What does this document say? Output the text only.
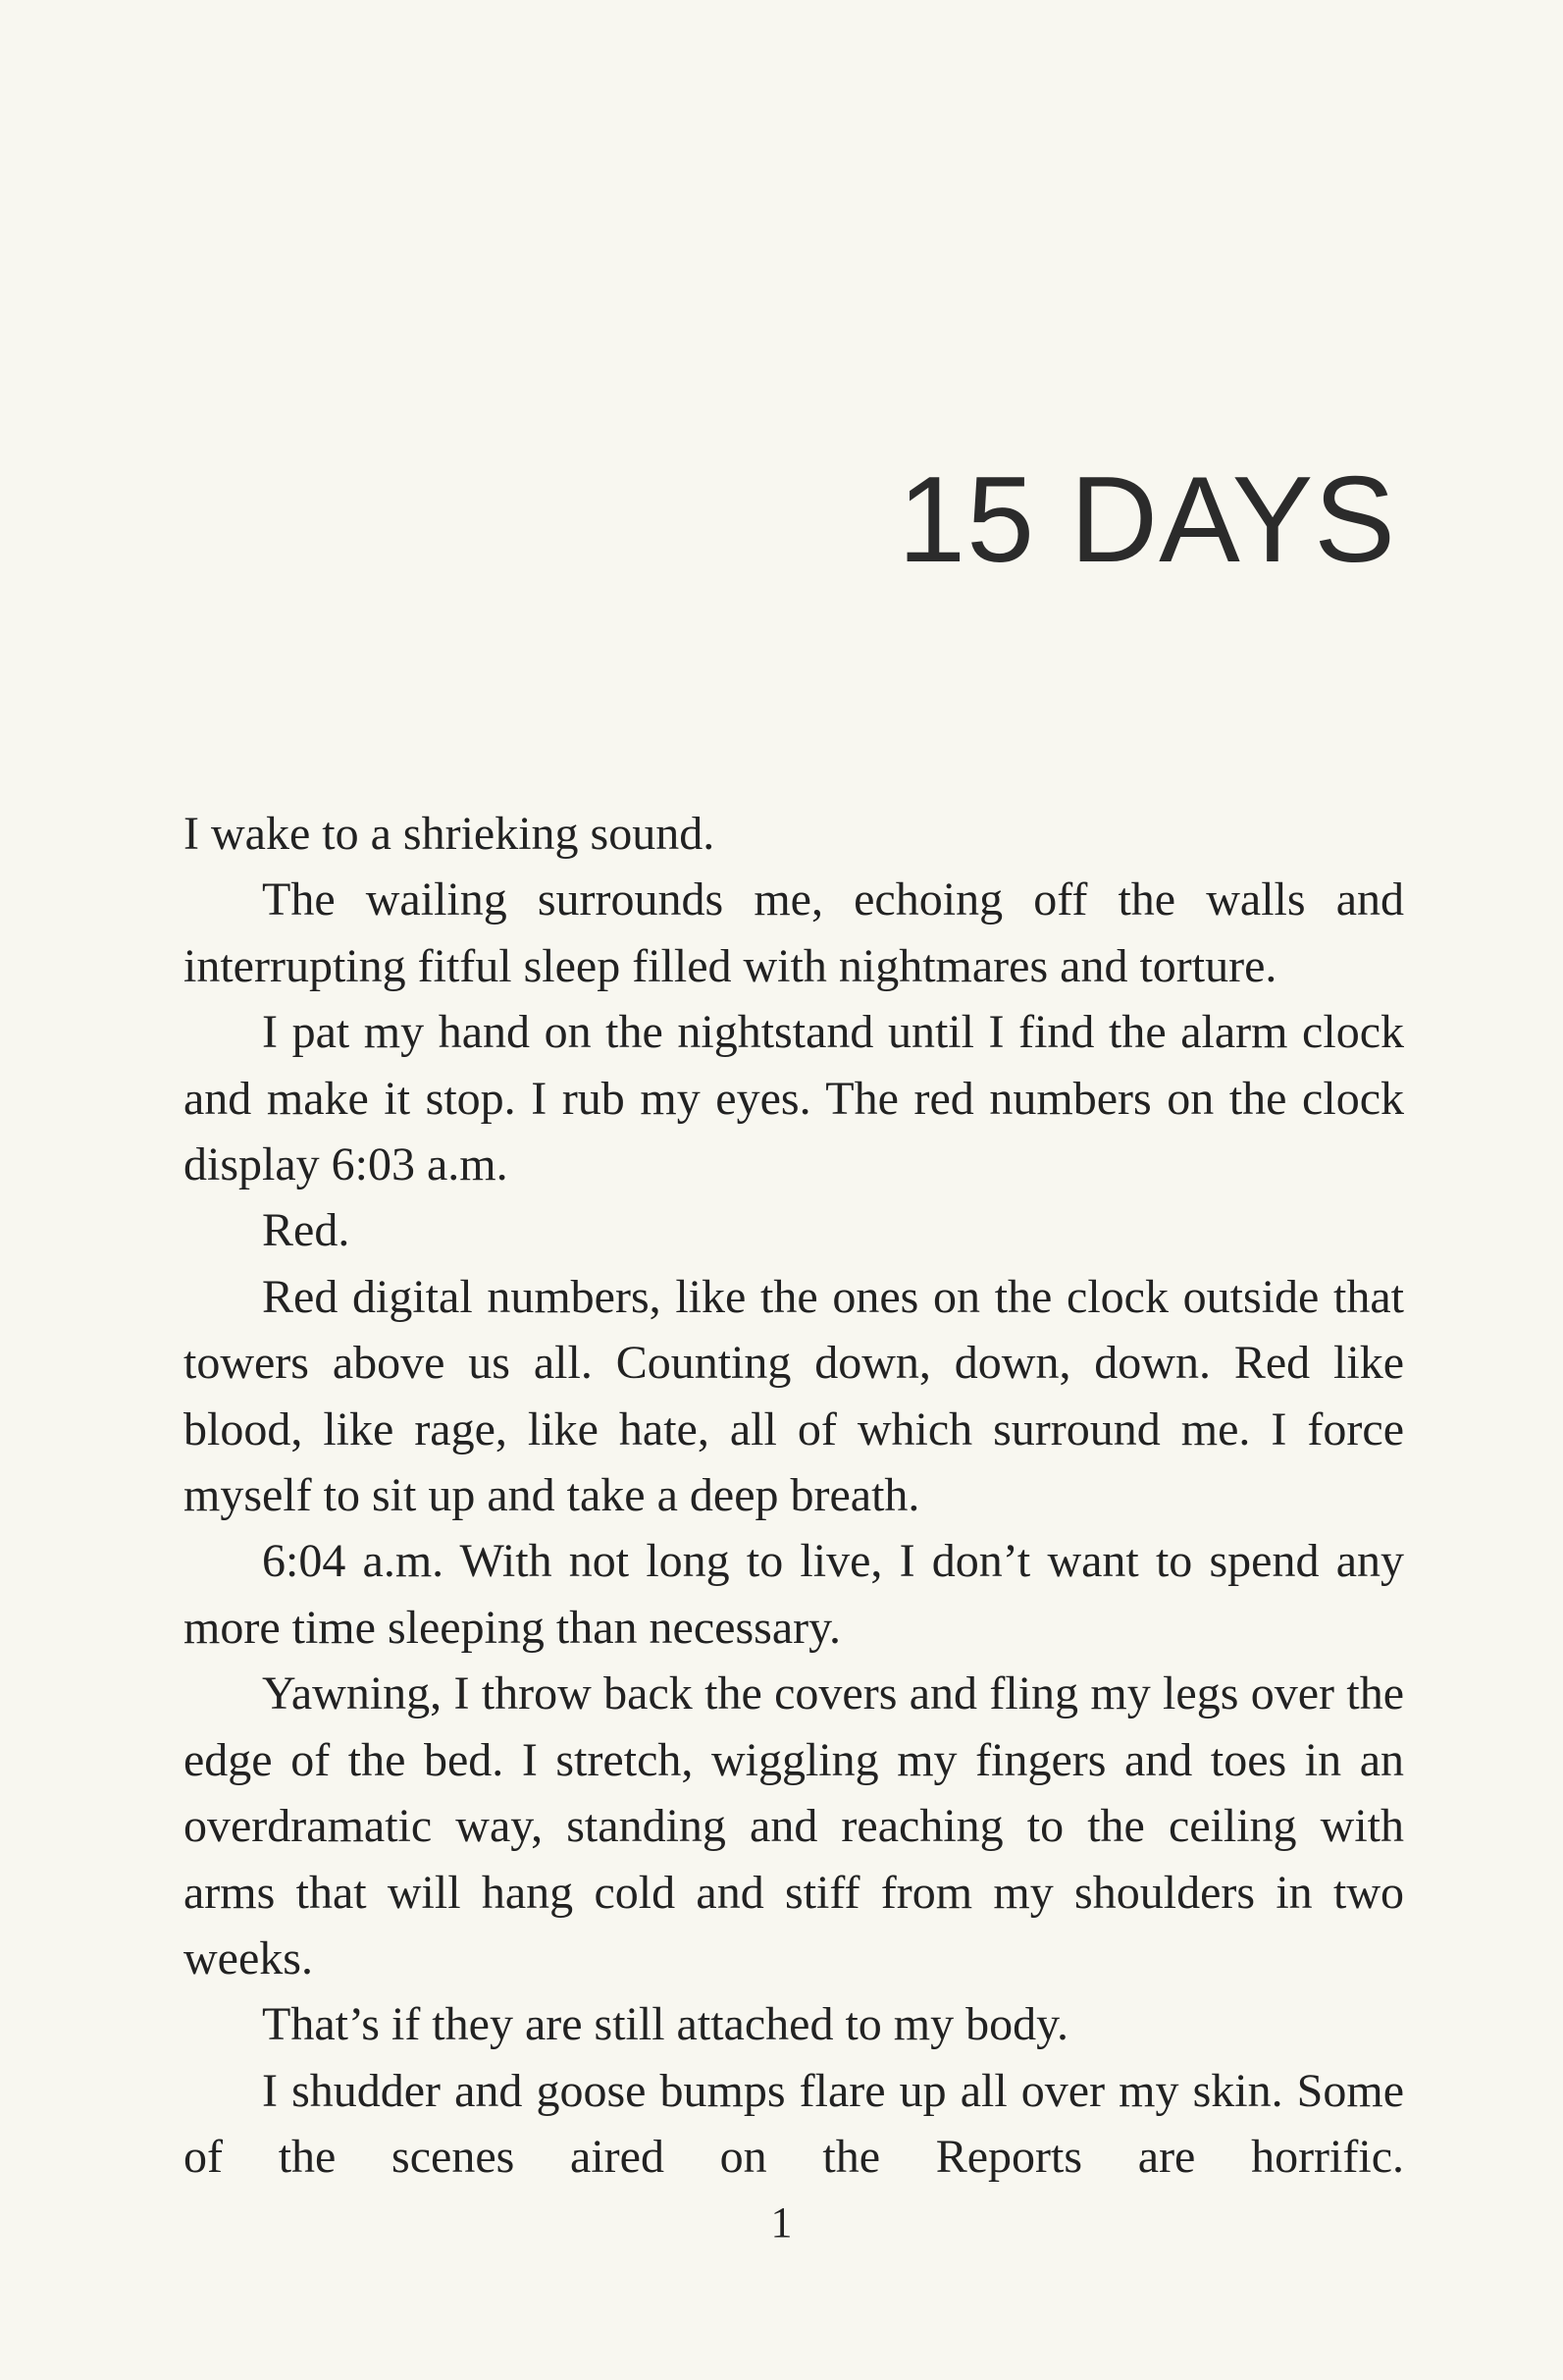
15 DAYS

I wake to a shrieking sound.

The wailing surrounds me, echoing off the walls and interrupting fitful sleep filled with nightmares and torture.

I pat my hand on the nightstand until I find the alarm clock and make it stop. I rub my eyes. The red numbers on the clock display 6:03 a.m.

Red.

Red digital numbers, like the ones on the clock outside that towers above us all. Counting down, down, down. Red like blood, like rage, like hate, all of which surround me. I force myself to sit up and take a deep breath.

6:04 a.m. With not long to live, I don’t want to spend any more time sleeping than necessary.

Yawning, I throw back the covers and fling my legs over the edge of the bed. I stretch, wiggling my fingers and toes in an overdramatic way, standing and reaching to the ceiling with arms that will hang cold and stiff from my shoulders in two weeks.

That’s if they are still attached to my body.

I shudder and goose bumps flare up all over my skin. Some of the scenes aired on the Reports are horrific.

1
